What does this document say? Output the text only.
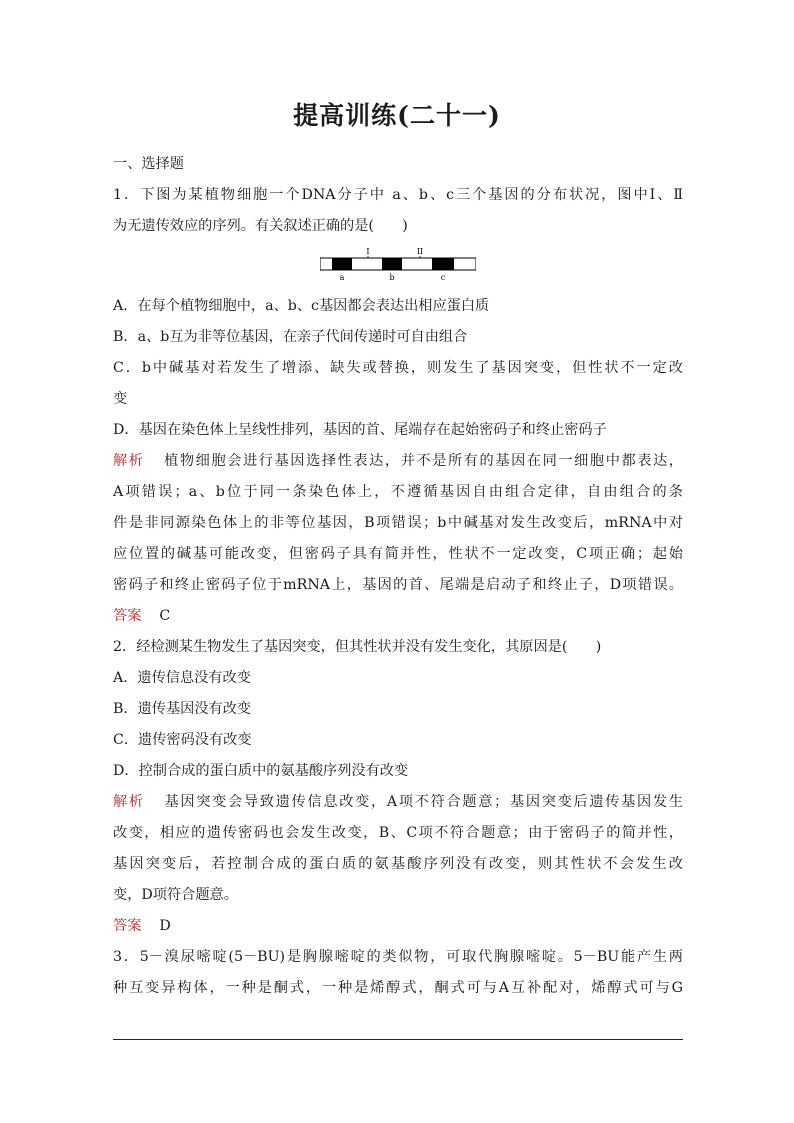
提高训练(二十一)
一、选择题
1．下图为某植物细胞一个DNA分子中 a、b、c三个基因的分布状况，图中Ⅰ、Ⅱ
为无遗传效应的序列。有关叙述正确的是(　　)
I	II
a	b	c
A．在每个植物细胞中，a、b、c基因都会表达出相应蛋白质
B．a、b互为非等位基因，在亲子代间传递时可自由组合
C．b中碱基对若发生了增添、缺失或替换，则发生了基因突变，但性状不一定改
变
D．基因在染色体上呈线性排列，基因的首、尾端存在起始密码子和终止密码子
解析 植物细胞会进行基因选择性表达，并不是所有的基因在同一细胞中都表达，
A项错误；a、b位于同一条染色体上，不遵循基因自由组合定律，自由组合的条
件是非同源染色体上的非等位基因，B项错误；b中碱基对发生改变后，mRNA中对
应位置的碱基可能改变，但密码子具有简并性，性状不一定改变，C项正确；起始
密码子和终止密码子位于mRNA上，基因的首、尾端是启动子和终止子，D项错误。
答案 C
2．经检测某生物发生了基因突变，但其性状并没有发生变化，其原因是(　　)
A．遗传信息没有改变
B．遗传基因没有改变
C．遗传密码没有改变
D．控制合成的蛋白质中的氨基酸序列没有改变
解析 基因突变会导致遗传信息改变，A项不符合题意；基因突变后遗传基因发生
改变，相应的遗传密码也会发生改变，B、C项不符合题意；由于密码子的简并性，
基因突变后，若控制合成的蛋白质的氨基酸序列没有改变，则其性状不会发生改
变，D项符合题意。
答案 D
3．5－溴尿嘧啶(5－BU)是胸腺嘧啶的类似物，可取代胸腺嘧啶。5－BU能产生两
种互变异构体，一种是酮式，一种是烯醇式，酮式可与A互补配对，烯醇式可与G
